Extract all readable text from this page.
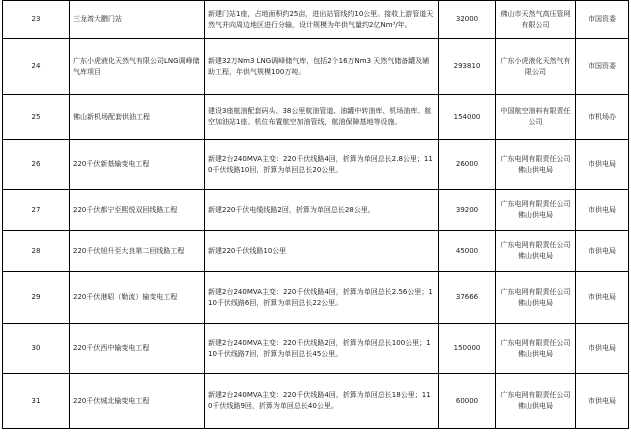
23	三龙湾大鹏门站	新建门站1座，占地面积约25亩，进出站管线约10公里。接收上游管道天然气并向周边地区进行分输，设计规模为年供气量约2亿Nm³/年。	32000	佛山市天然气高压管网有限公司	市国资委
24	广东小虎液化天然气有限公司LNG调峰储气库项目	新建32万Nm3 LNG调峰储气库，包括2个16万Nm3 天然气储备罐及辅助工程，年供气规模100万吨。	293810	广东小虎液化天然气有限公司	市国资委
25	佛山新机场配套供油工程	建设3座航油配套码头、38公里航油管道、油罐中转油库、机场油库、航空加油站1座、机位布置航空加油管线，航油保障基地等设施。	154000	中国航空油料有限责任公司	市机场办
26	220千伏新基输变电工程	新建2台240MVA主变：220千伏线路4回，折算为单回总长2.8公里；110千伏线路10回，折算为单回总长20公里。	26000	广东电网有限责任公司佛山供电局	市供电局
27	220千伏都宁至熙悦双回线路工程	新建220千伏电缆线路2回，折算为单回总长28公里。	39200	广东电网有限责任公司佛山供电局	市供电局
28	220千伏旭升至大良第二回线路工程	新建220千伏线路10公里	45000	广东电网有限责任公司佛山供电局	市供电局
29	220千伏港昭（勒流）输变电工程	新建2台240MVA主变：220千伏线路4回，折算为单回总长2.56公里；110千伏线路6回，折算为单回总长22公里。	37666	广东电网有限责任公司佛山供电局	市供电局
30	220千伏西中输变电工程	新建2台240MVA主变：220千伏线路2回，折算为单回总长100公里；110千伏线路7回，折算为单回总长45公里。	150000	广东电网有限责任公司佛山供电局	市供电局
31	220千伏城北输变电工程	新建2台240MVA主变：220千伏线路4回，折算为单回总长18公里；110千伏线路9回，折算为单回总长40公里。	60000	广东电网有限责任公司佛山供电局	市供电局
